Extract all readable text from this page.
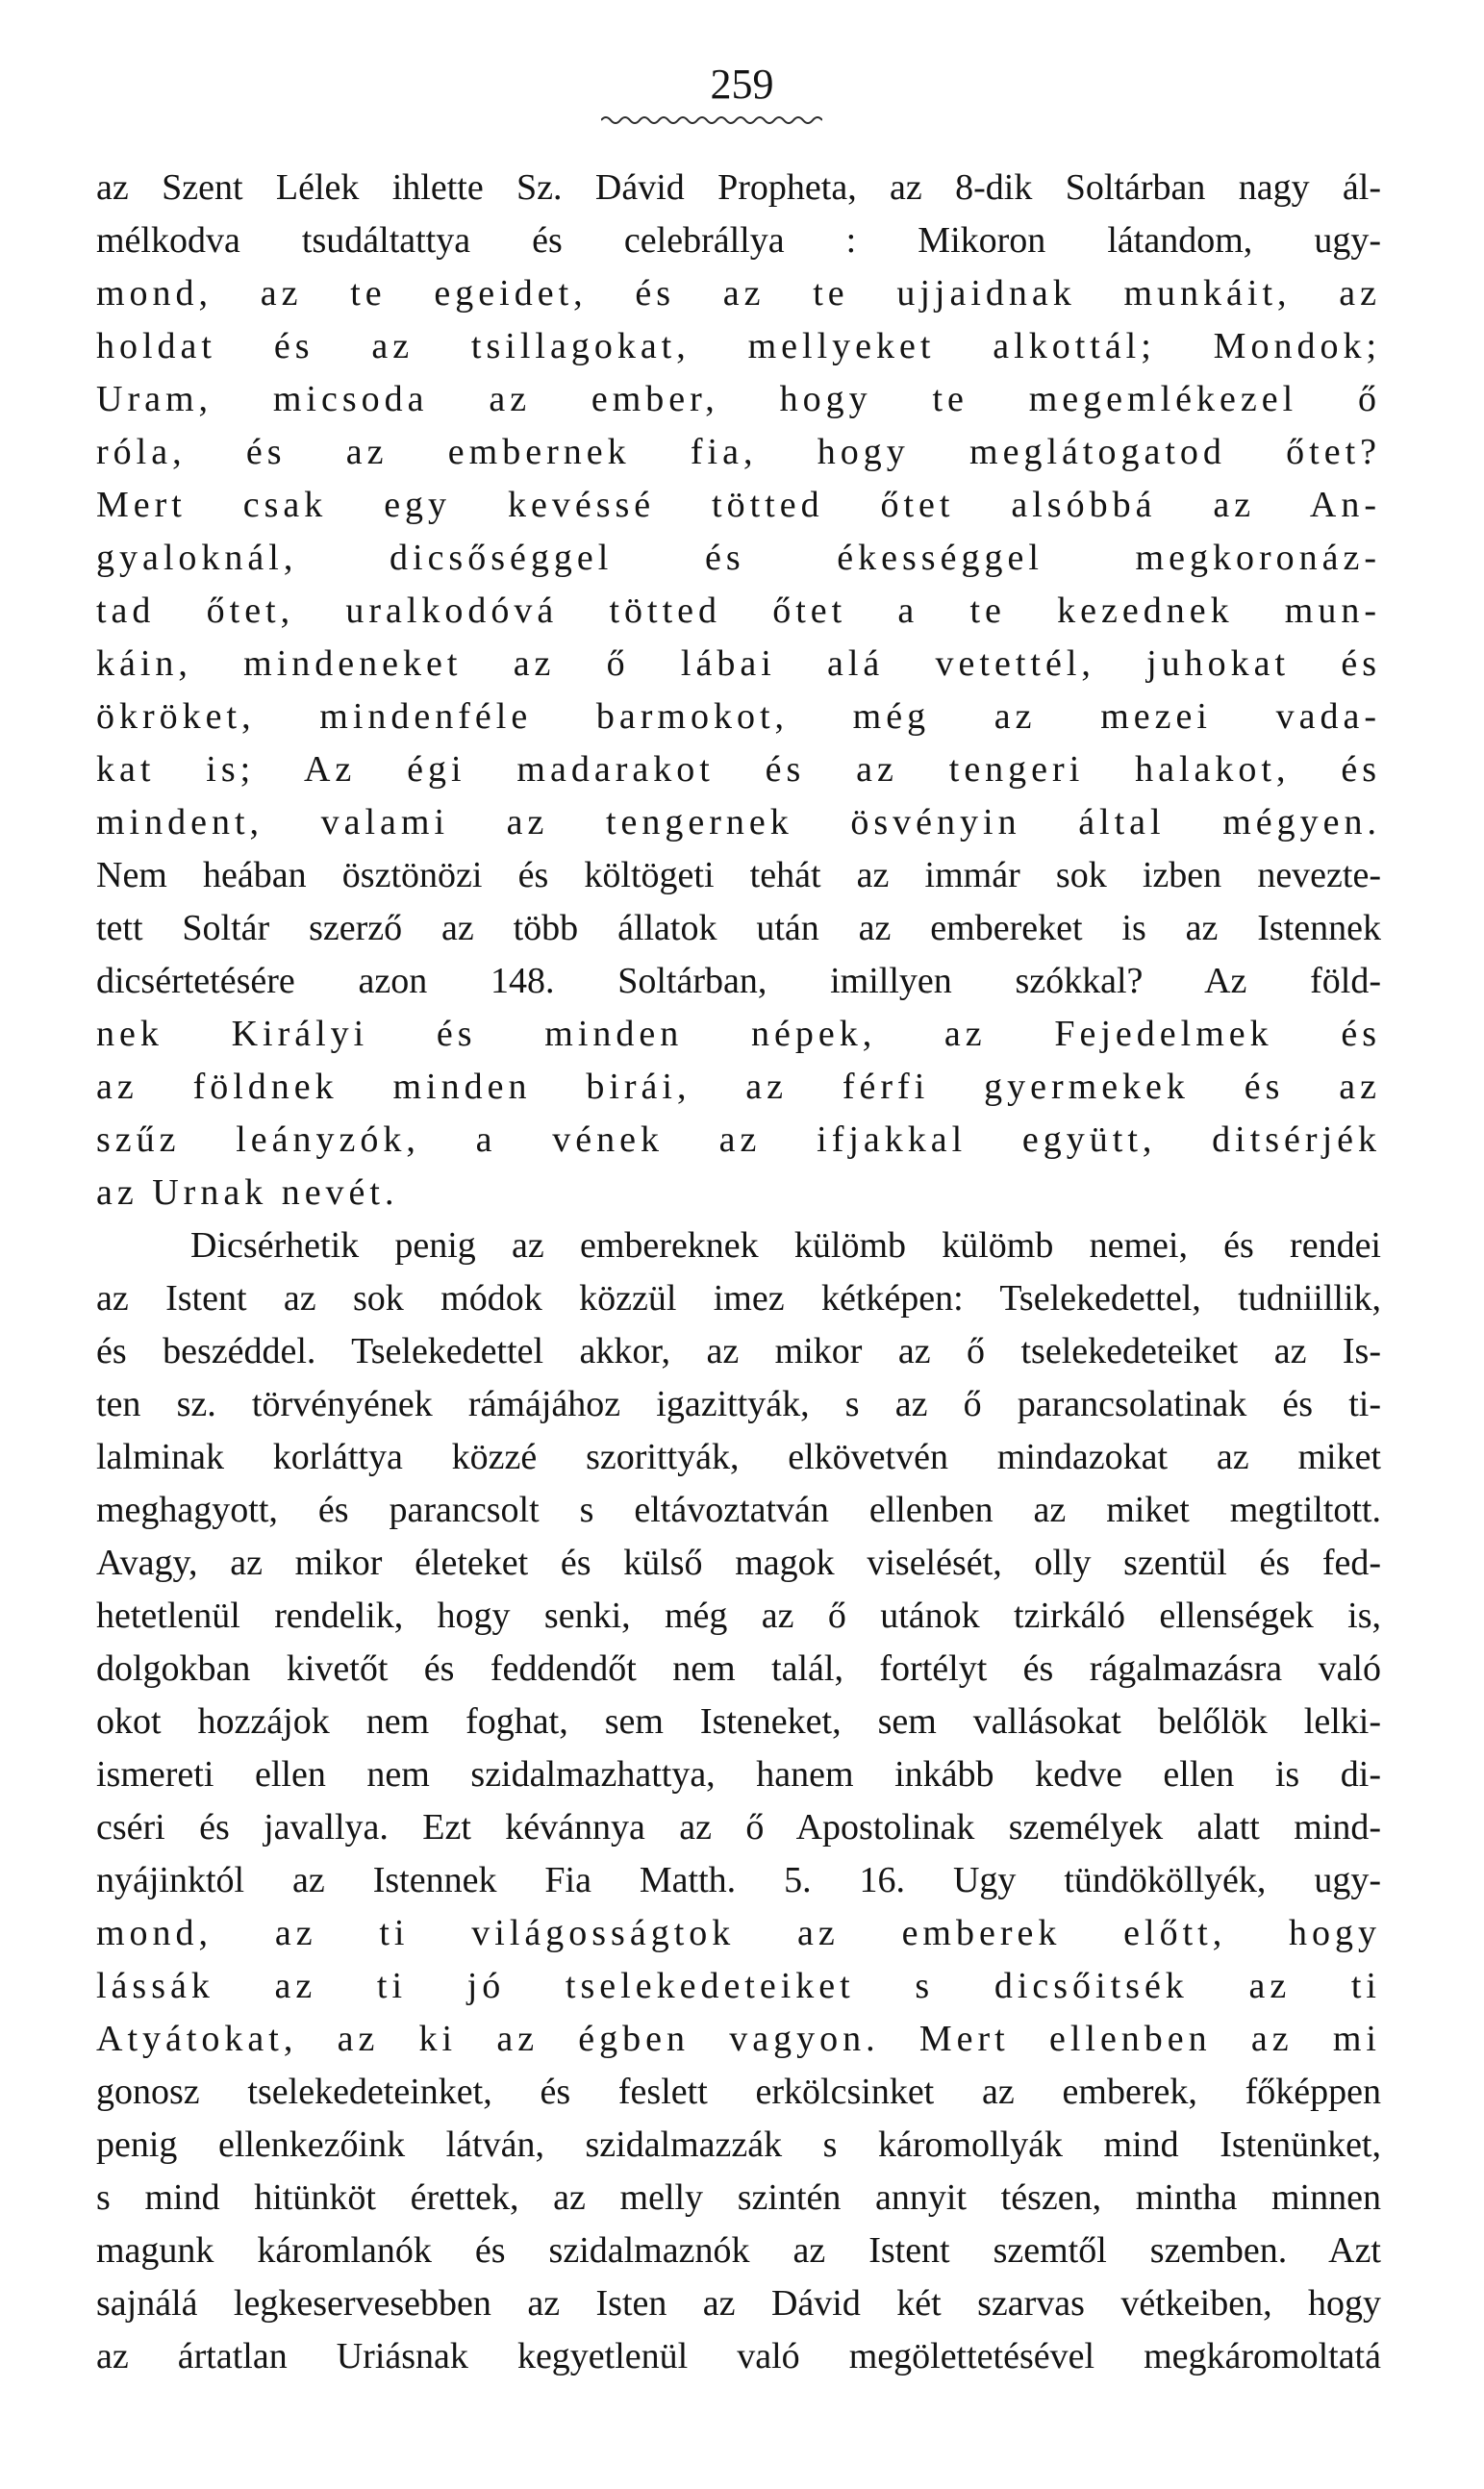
259
az Szent Lélek ihlette Sz. Dávid Propheta, az 8-dik Soltárban nagy ál-
mélkodva tsudáltattya és celebrállya : Mikoron látandom, ugy-
mond, az te egeidet, és az te ujjaidnak munkáit, az
holdat és az tsillagokat, mellyeket alkottál; Mondok;
Uram, micsoda az ember, hogy te megemlékezel ő
róla, és az embernek fia, hogy meglátogatod őtet?
Mert csak egy kevéssé tötted őtet alsóbbá az An-
gyaloknál, dicsőséggel és ékességgel megkoronáz-
tad őtet, uralkodóvá tötted őtet a te kezednek mun-
káin, mindeneket az ő lábai alá vetettél, juhokat és
ökröket, mindenféle barmokot, még az mezei vada-
kat is; Az égi madarakot és az tengeri halakot, és
mindent, valami az tengernek ösvényin által mégyen.
Nem heában ösztönözi és költögeti tehát az immár sok izben neveztе-
tett Soltár szerző az több állatok után az embereket is az Istennek
dicsértetésére azon 148. Soltárban, imillyen szókkal? Az föld-
nek Királyi és minden népek, az Fejedelmek és
az földnek minden birái, az férfi gyermekek és az
szűz leányzók, a vének az ifjakkal együtt, ditsérjék
az Urnak nevét.
Dicsérhetik penig az embereknek külömb külömb nemei, és rendei
az Istent az sok módok közzül imez kétképen: Tselekedettel, tudniillik,
és beszéddel. Tselekedettel akkor, az mikor az ő tselekedeteiket az Is-
ten sz. törvényének rámájához igazittyák, s az ő parancsolatinak és ti-
lalminak korláttya közzé szorittyák, elkövetvén mindazokat az miket
meghagyott, és parancsolt s eltávoztatván ellenben az miket megtiltott.
Avagy, az mikor életeket és külső magok viselését, olly szentül és fed-
hetetlenül rendelik, hogy senki, még az ő utánok tzirkáló ellenségek is,
dolgokban kivetőt és feddendőt nem talál, fortélyt és rágalmazásra való
okot hozzájok nem foghat, sem Isteneket, sem vallásokat belőlök lelki-
ismereti ellen nem szidalmazhattya, hanem inkább kedve ellen is di-
cséri és javallya. Ezt kévánnya az ő Apostolinak személyek alatt mind-
nyájinktól az Istennek Fia Matth. 5. 16. Ugy tündököllyék, ugy-
mond, az ti világosságtok az emberek előtt, hogy
lássák az ti jó tselekedeteiket s dicsőitsék az ti
Atyátokat, az ki az égben vagyon. Mert ellenben az mi
gonosz tselekedeteinket, és feslett erkölcsinket az emberek, főképpen
penig ellenkezőink látván, szidalmazzák s káromollyák mind Istenünket,
s mind hitünköt érettek, az melly szintén annyit tészen, mintha minnen
magunk káromlanók és szidalmaznók az Istent szemtől szemben. Azt
sajnálá legkeservesebben az Isten az Dávid két szarvas vétkeiben, hogy
az ártatlan Uriásnak kegyetlenül való megölettetésével megkáromoltatá
